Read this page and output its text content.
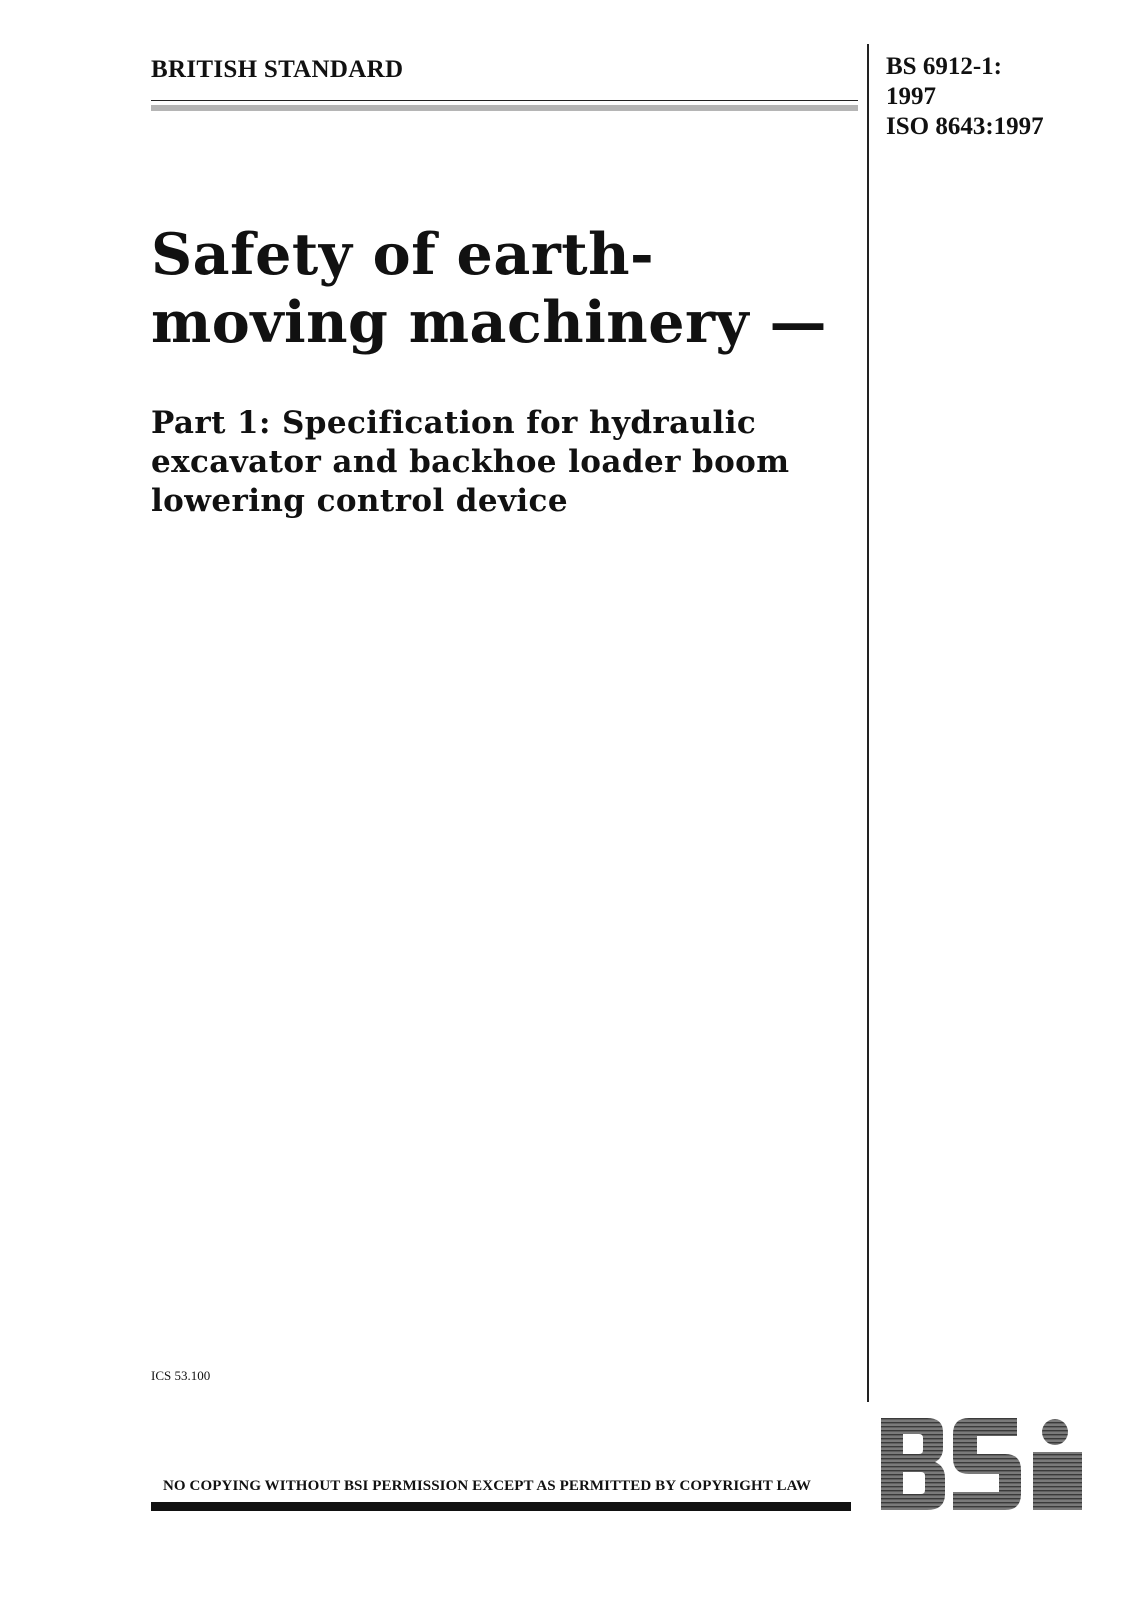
BRITISH STANDARD	BS 6912-1:
1997
ISO 8643:1997
Safety of earth-moving machinery —
Part 1: Specification for hydraulic excavator and backhoe loader boom lowering control device
ICS 53.100
NO COPYING WITHOUT BSI PERMISSION EXCEPT AS PERMITTED BY COPYRIGHT LAW
